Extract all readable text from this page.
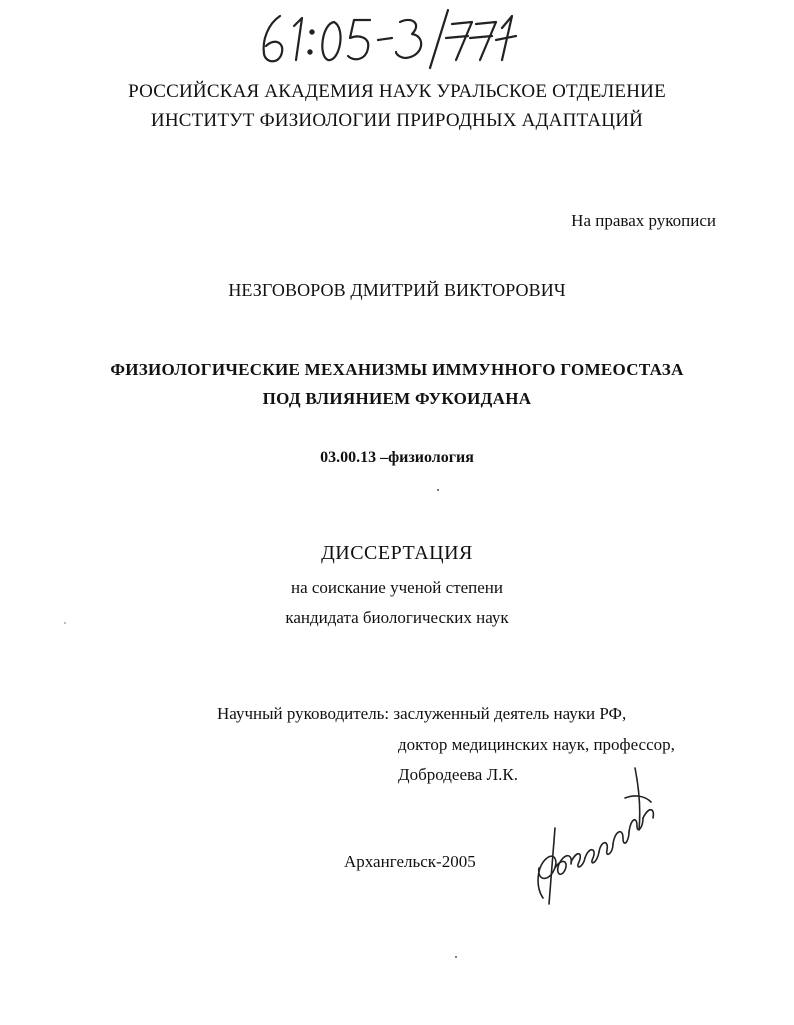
РОССИЙСКАЯ АКАДЕМИЯ НАУК УРАЛЬСКОЕ ОТДЕЛЕНИЕ
ИНСТИТУТ ФИЗИОЛОГИИ ПРИРОДНЫХ АДАПТАЦИЙ
На правах рукописи
НЕЗГОВОРОВ ДМИТРИЙ ВИКТОРОВИЧ
ФИЗИОЛОГИЧЕСКИЕ МЕХАНИЗМЫ ИММУННОГО ГОМЕОСТАЗА
ПОД ВЛИЯНИЕМ ФУКОИДАНА
03.00.13 –физиология
ДИССЕРТАЦИЯ
на соискание ученой степени
кандидата биологических наук
Научный руководитель: заслуженный деятель науки РФ,
доктор медицинских наук, профессор,
Добродеева Л.К.
Архангельск-2005
